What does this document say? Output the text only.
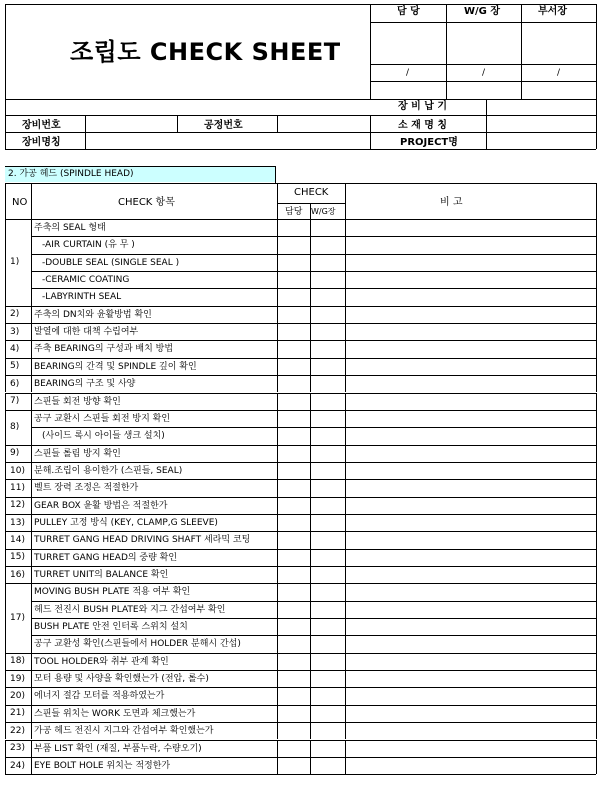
조립도 CHECK SHEET
담 당	W/G 장	부서장
/	/	/
장 비 납 기
장비번호	공정번호	소 재 명 칭
장비명칭	PROJECT명
2. 가공 헤드 (SPINDLE HEAD)
NO	CHECK 항목
CHECK
담당 W/G장
비 고
1)
주축의 SEAL 형태
-AIR CURTAIN (유 무 )
-DOUBLE SEAL (SINGLE SEAL )
-CERAMIC COATING
-LABYRINTH SEAL
2) 주축의 DN치와 윤활방법 확인
3) 발열에 대한 대책 수립여부
4) 주축 BEARING의 구성과 배치 방법
5) BEARING의 간격 및 SPINDLE 깊이 확인
6) BEARING의 구조 및 사양
7) 스핀들 회전 방향 확인
8)
공구 교환시 스핀들 회전 방지 확인
(사이드 록시 아이들 생크 설치)
9) 스핀들 롤림 방지 확인
10) 분해.조립이 용이한가 (스핀들, SEAL)
11) 벨트 장력 조정은 적절한가
12) GEAR BOX 윤활 방법은 적절한가
13) PULLEY 고정 방식 (KEY, CLAMP,G SLEEVE)
14) TURRET GANG HEAD DRIVING SHAFT 세라믹 코팅
15) TURRET GANG HEAD의 중량 확인
16) TURRET UNIT의 BALANCE 확인
17)
MOVING BUSH PLATE 적용 여부 확인
헤드 전진시 BUSH PLATE와 지그 간섭여부 확인
BUSH PLATE 안전 인터록 스위치 설치
공구 교환성 확인(스핀들에서 HOLDER 분해시 간섭)
18) TOOL HOLDER와 취부 관계 확인
19) 모터 용량 및 사양을 확인했는가 (전압, 롤수)
20) 에너지 절감 모터를 적용하였는가
21) 스핀들 위치는 WORK 도면과 체크했는가
22) 가공 헤드 전진시 지그와 간섭여부 확인했는가
23) 부품 LIST 확인 (재질, 부품누락, 수량오기)
24) EYE BOLT HOLE 위치는 적정한가
